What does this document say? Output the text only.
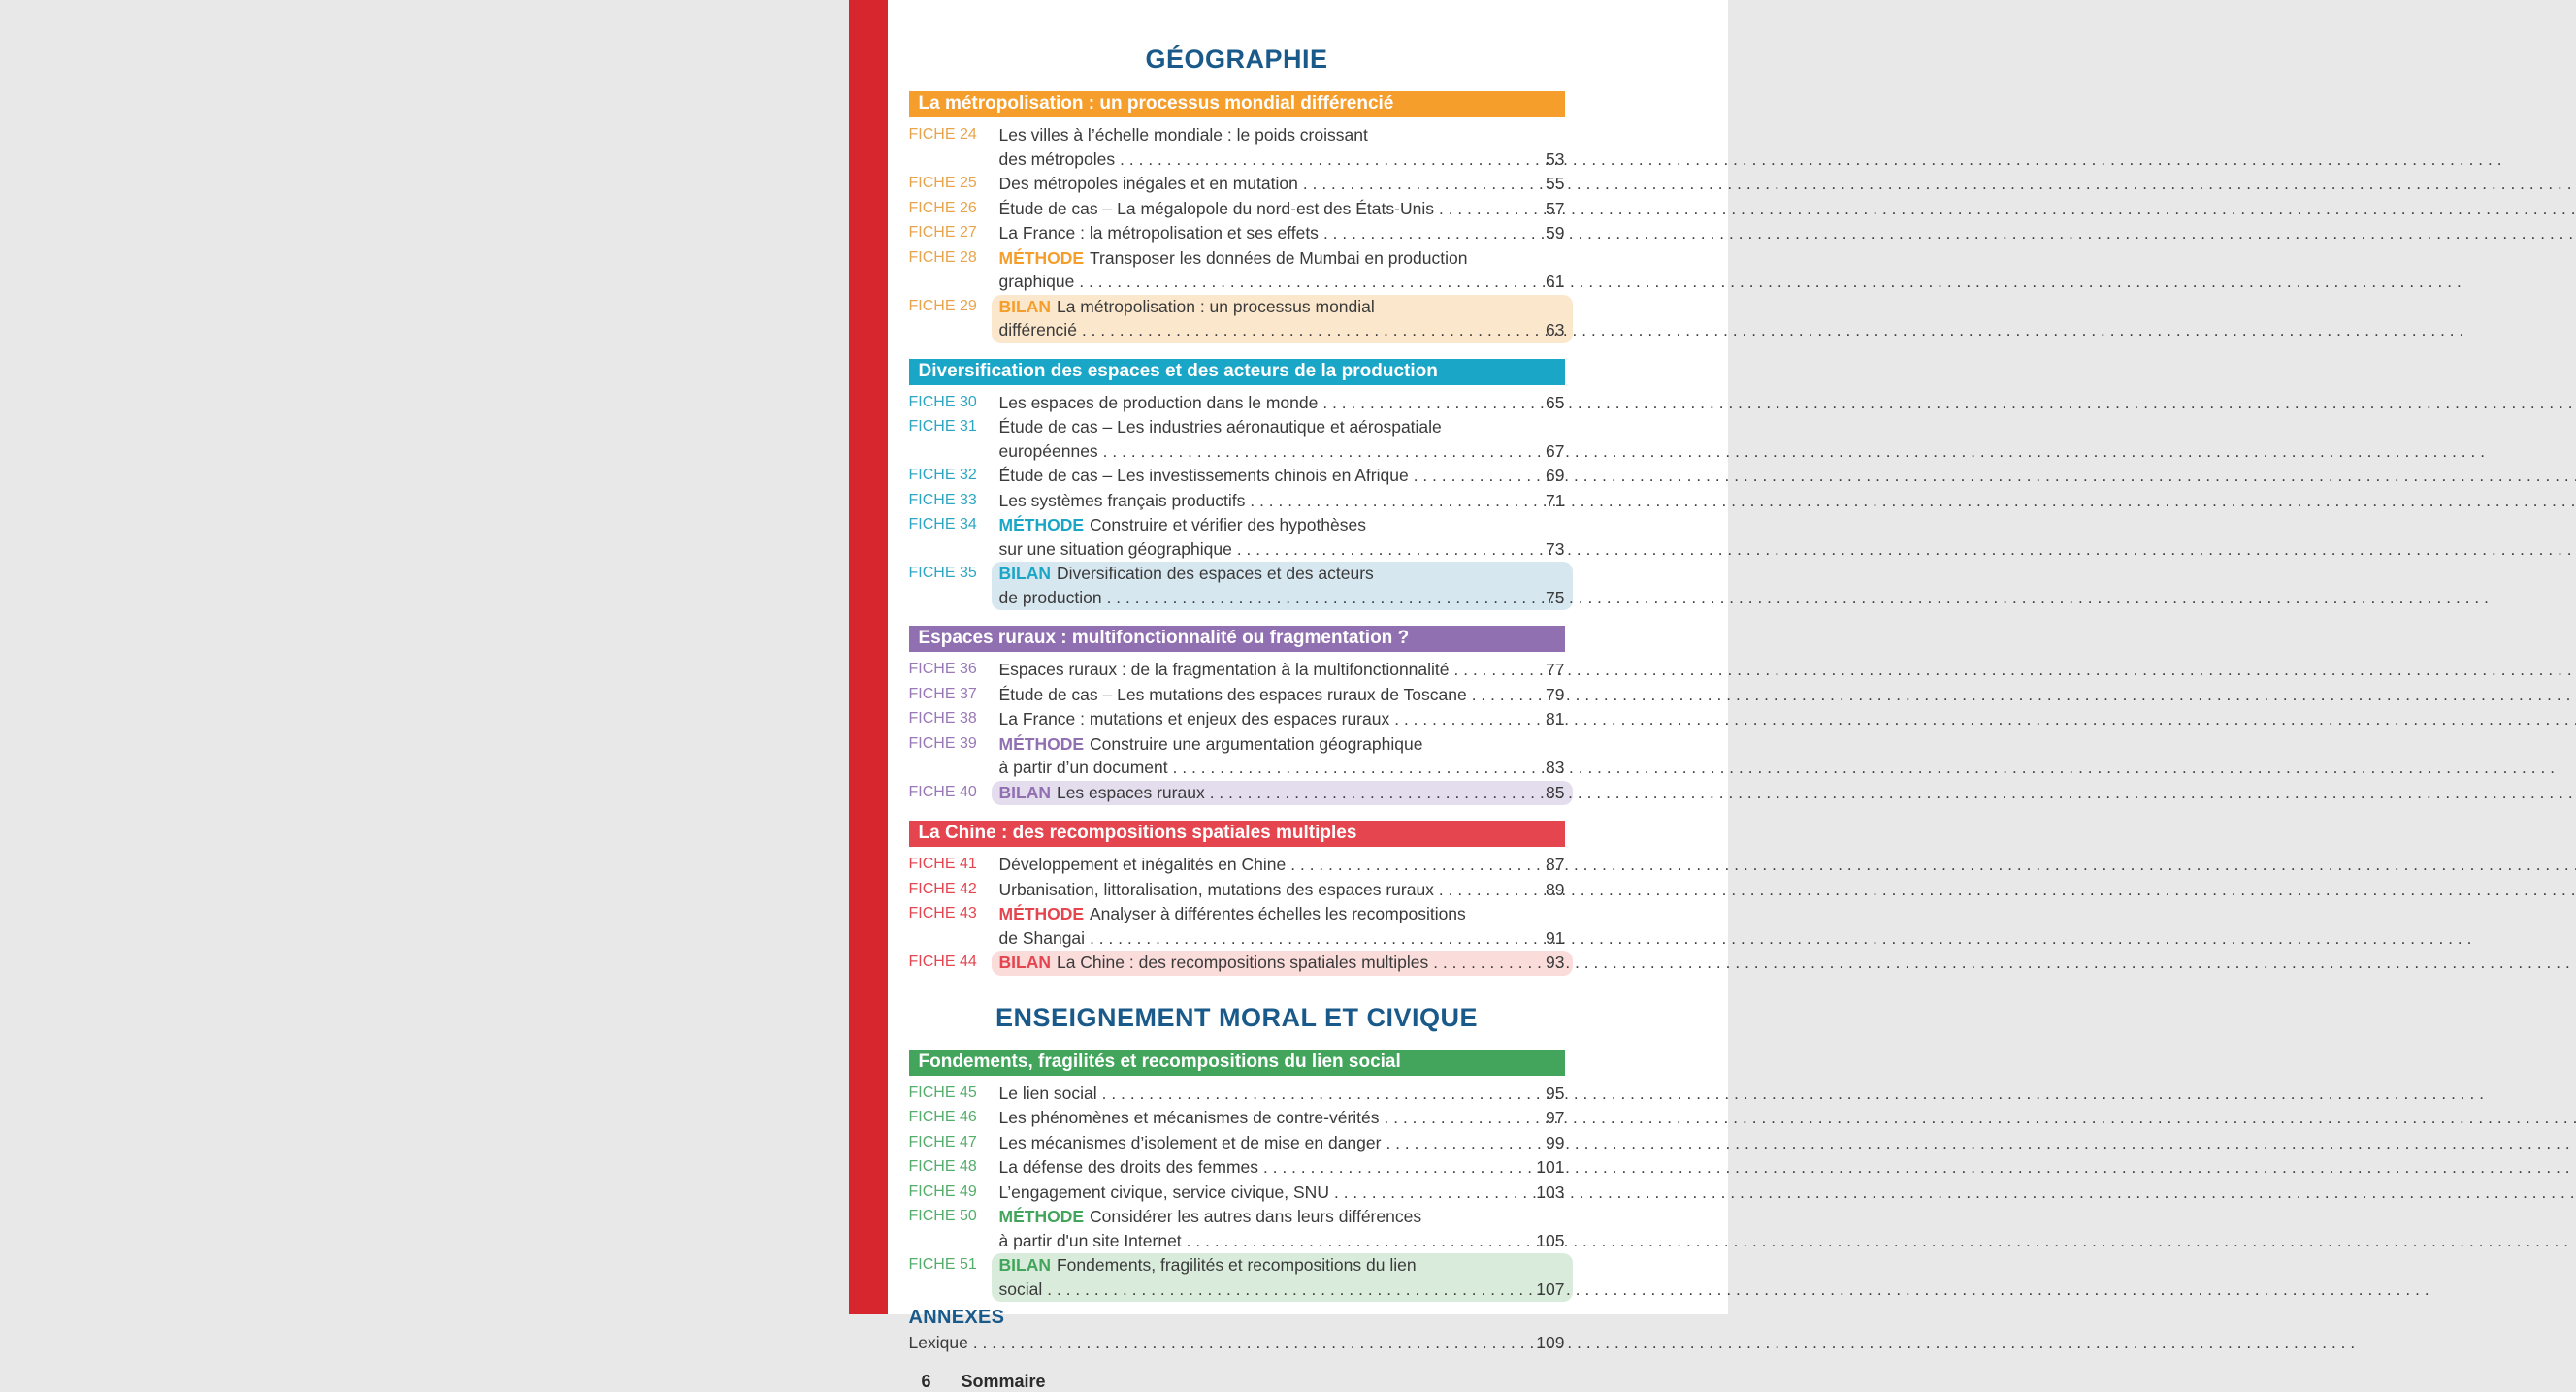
GÉOGRAPHIE
La métropolisation : un processus mondial différencié
FICHE 24	Les villes à l’échelle mondiale : le poids croissant
des métropoles .....	53
FICHE 25	Des métropoles inégales et en mutation .....	55
FICHE 26	Étude de cas – La mégalopole du nord-est des États-Unis .....	57
FICHE 27	La France : la métropolisation et ses effets .....	59
FICHE 28	MÉTHODE Transposer les données de Mumbai en production
graphique .....	61
FICHE 29	BILAN La métropolisation : un processus mondial
différencié .....	63
Diversification des espaces et des acteurs de la production
FICHE 30	Les espaces de production dans le monde .....	65
FICHE 31	Étude de cas – Les industries aéronautique et aérospatiale
européennes .....	67
FICHE 32	Étude de cas – Les investissements chinois en Afrique .....	69
FICHE 33	Les systèmes français productifs .....	71
FICHE 34	MÉTHODE Construire et vérifier des hypothèses
sur une situation géographique .....	73
FICHE 35	BILAN Diversification des espaces et des acteurs
de production .....	75
Espaces ruraux : multifonctionnalité ou fragmentation ?
FICHE 36	Espaces ruraux : de la fragmentation à la multifonctionnalité .....	77
FICHE 37	Étude de cas – Les mutations des espaces ruraux de Toscane .....	79
FICHE 38	La France : mutations et enjeux des espaces ruraux .....	81
FICHE 39	MÉTHODE Construire une argumentation géographique
à partir d’un document .....	83
FICHE 40	BILAN Les espaces ruraux .....	85
La Chine : des recompositions spatiales multiples
FICHE 41	Développement et inégalités en Chine .....	87
FICHE 42	Urbanisation, littoralisation, mutations des espaces ruraux .....	89
FICHE 43	MÉTHODE Analyser à différentes échelles les recompositions
de Shangai .....	91
FICHE 44	BILAN La Chine : des recompositions spatiales multiples .....	93
ENSEIGNEMENT MORAL ET CIVIQUE
Fondements, fragilités et recompositions du lien social
FICHE 45	Le lien social .....	95
FICHE 46	Les phénomènes et mécanismes de contre-vérités .....	97
FICHE 47	Les mécanismes d’isolement et de mise en danger .....	99
FICHE 48	La défense des droits des femmes .....	101
FICHE 49	L’engagement civique, service civique, SNU .....	103
FICHE 50	MÉTHODE Considérer les autres dans leurs différences
à partir d'un site Internet .....	105
FICHE 51	BILAN Fondements, fragilités et recompositions du lien
social .....	107
ANNEXES
Lexique .....	109
6 Sommaire
